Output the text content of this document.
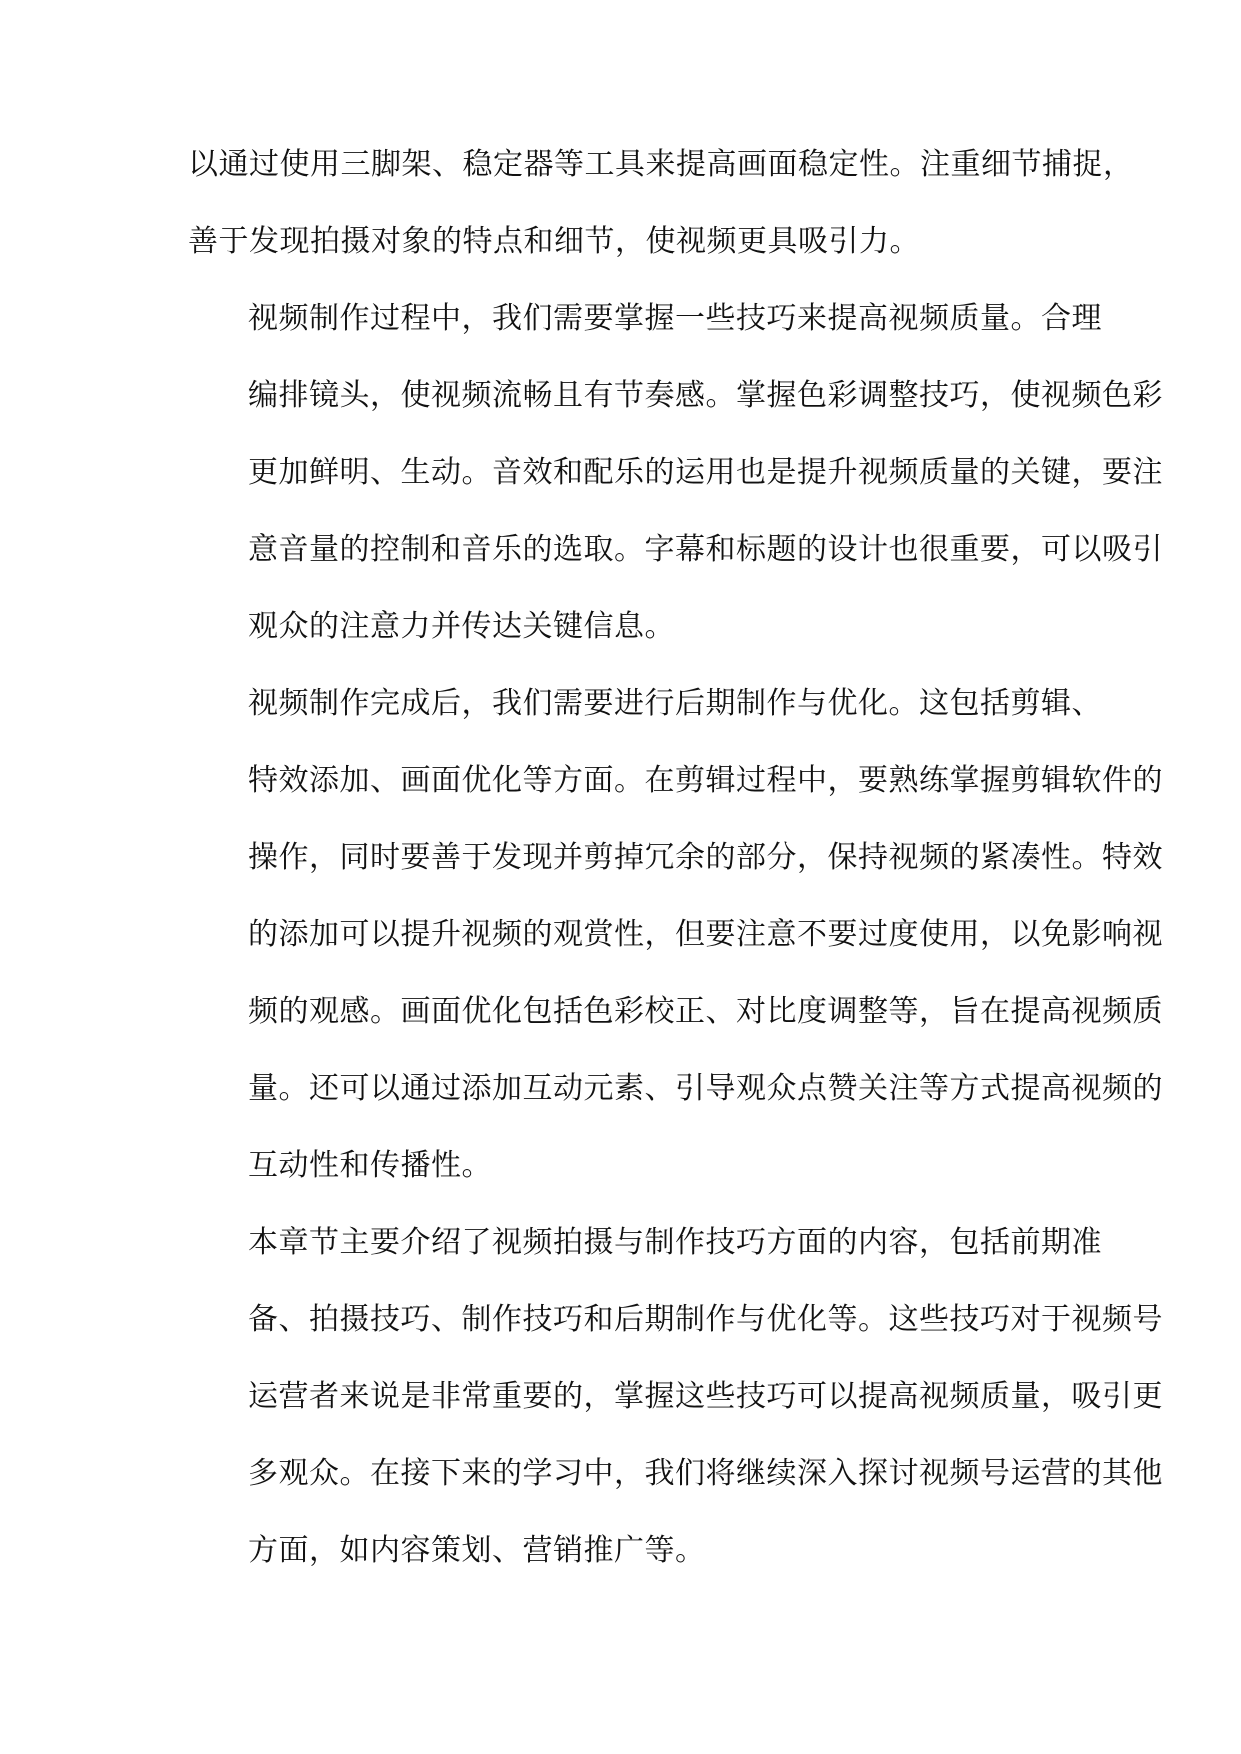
以通过使用三脚架、稳定器等工具来提高画面稳定性。注重细节捕捉，
善于发现拍摄对象的特点和细节，使视频更具吸引力。

视频制作过程中，我们需要掌握一些技巧来提高视频质量。合理
编排镜头，使视频流畅且有节奏感。掌握色彩调整技巧，使视频色彩
更加鲜明、生动。音效和配乐的运用也是提升视频质量的关键，要注
意音量的控制和音乐的选取。字幕和标题的设计也很重要，可以吸引
观众的注意力并传达关键信息。

视频制作完成后，我们需要进行后期制作与优化。这包括剪辑、
特效添加、画面优化等方面。在剪辑过程中，要熟练掌握剪辑软件的
操作，同时要善于发现并剪掉冗余的部分，保持视频的紧凑性。特效
的添加可以提升视频的观赏性，但要注意不要过度使用，以免影响视
频的观感。画面优化包括色彩校正、对比度调整等，旨在提高视频质
量。还可以通过添加互动元素、引导观众点赞关注等方式提高视频的
互动性和传播性。

本章节主要介绍了视频拍摄与制作技巧方面的内容，包括前期准
备、拍摄技巧、制作技巧和后期制作与优化等。这些技巧对于视频号
运营者来说是非常重要的，掌握这些技巧可以提高视频质量，吸引更
多观众。在接下来的学习中，我们将继续深入探讨视频号运营的其他
方面，如内容策划、营销推广等。
